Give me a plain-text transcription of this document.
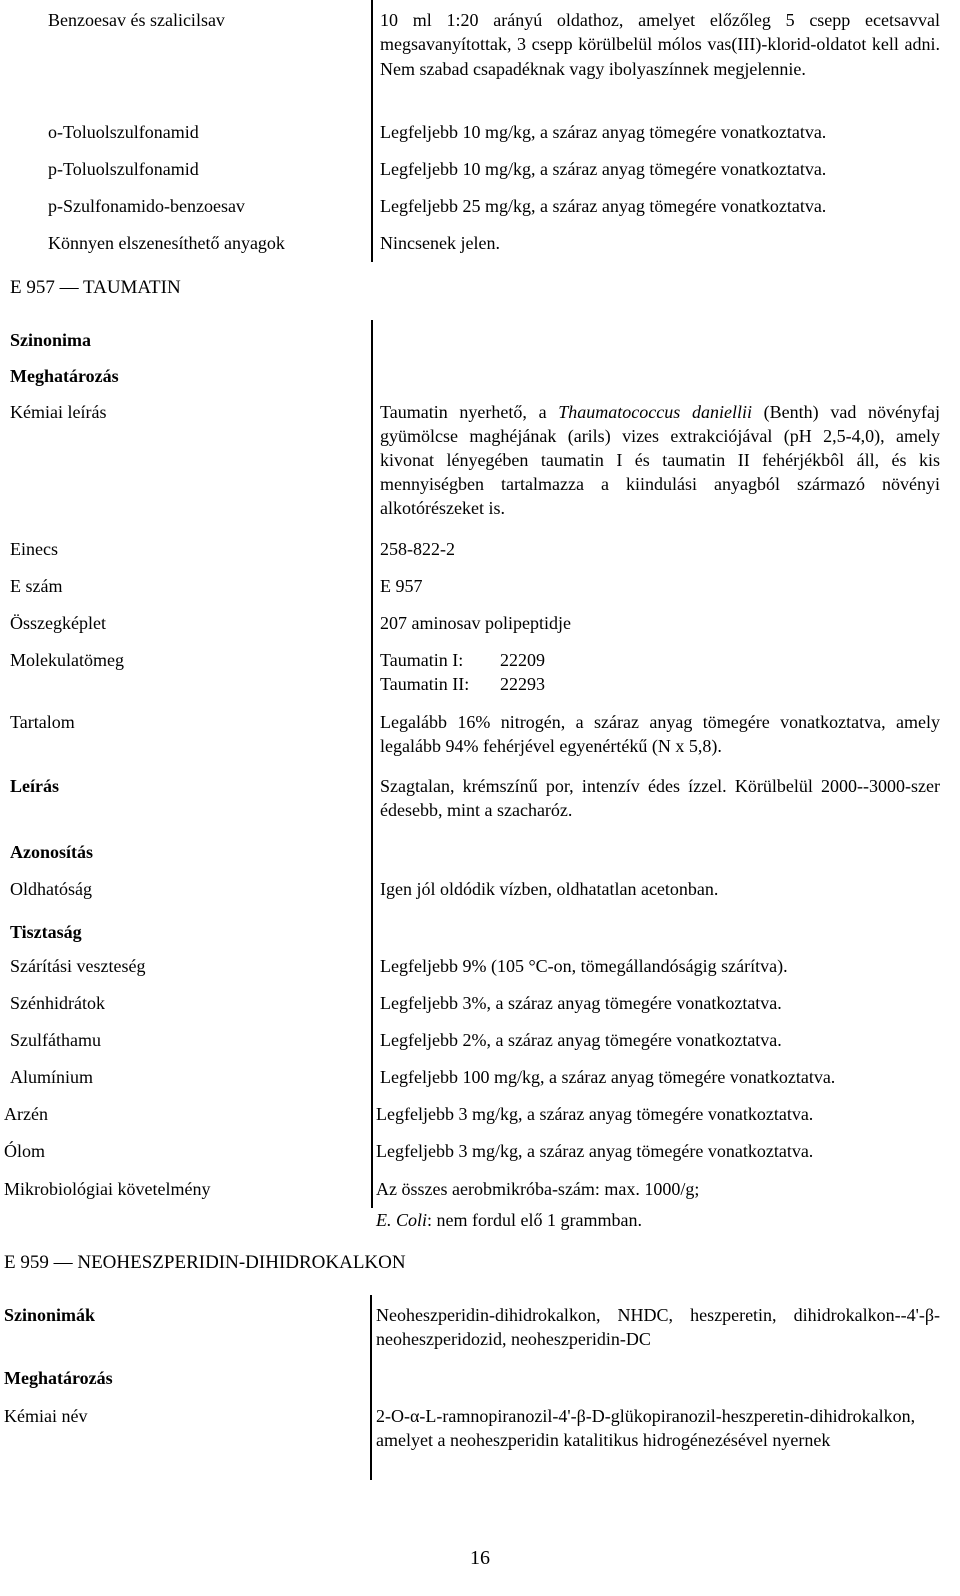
Benzoesav és szalicilsav	10 ml 1:20 arányú oldathoz, amelyet előzőleg 5 csepp ecetsavval megsavanyítottak, 3 csepp körülbelül mólos vas(III)-klorid-oldatot kell adni. Nem szabad csapadéknak vagy ibolyaszínnek megjelennie.
o-Toluolszulfonamid	Legfeljebb 10 mg/kg, a száraz anyag tömegére vonatkoztatva.
p-Toluolszulfonamid	Legfeljebb 10 mg/kg, a száraz anyag tömegére vonatkoztatva.
p-Szulfonamido-benzoesav	Legfeljebb 25 mg/kg, a száraz anyag tömegére vonatkoztatva.
Könnyen elszenesíthető anyagok	Nincsenek jelen.
E 957 — TAUMATIN
Szinonima
Meghatározás
Kémiai leírás	Taumatin nyerhető, a Thaumatococcus daniellii (Benth) vad növényfaj gyümölcse maghéjának (arils) vizes extrakciójával (pH 2,5-4,0), amely kivonat lényegében taumatin I és taumatin II fehérjékbôl áll, és kis mennyiségben tartalmazza a kiindulási anyagból származó növényi alkotórészeket is.
Einecs	258-822-2
E szám	E 957
Összegképlet	207 aminosav polipeptidje
Molekulatömeg	Taumatin I: 22209
Taumatin II: 22293
Tartalom	Legalább 16% nitrogén, a száraz anyag tömegére vonatkoztatva, amely legalább 94% fehérjével egyenértékű (N x 5,8).
Leírás	Szagtalan, krémszínű por, intenzív édes ízzel. Körülbelül 2000--3000-szer édesebb, mint a szacharóz.
Azonosítás
Oldhatóság	Igen jól oldódik vízben, oldhatatlan acetonban.
Tisztaság
Szárítási veszteség	Legfeljebb 9% (105 °C-on, tömegállandóságig szárítva).
Szénhidrátok	Legfeljebb 3%, a száraz anyag tömegére vonatkoztatva.
Szulfáthamu	Legfeljebb 2%, a száraz anyag tömegére vonatkoztatva.
Alumínium	Legfeljebb 100 mg/kg, a száraz anyag tömegére vonatkoztatva.
Arzén	Legfeljebb 3 mg/kg, a száraz anyag tömegére vonatkoztatva.
Ólom	Legfeljebb 3 mg/kg, a száraz anyag tömegére vonatkoztatva.
Mikrobiológiai követelmény	Az összes aerobmikróba-szám: max. 1000/g;
E. Coli: nem fordul elő 1 grammban.
E 959 — NEOHESZPERIDIN-DIHIDROKALKON
Szinonimák	Neoheszperidin-dihidrokalkon, NHDC, heszperetin, dihidrokalkon--4'-β-neoheszperidozid, neoheszperidin-DC
Meghatározás
Kémiai név	2-O-α-L-ramnopiranozil-4'-β-D-glükopiranozil-heszperetin-dihidrokalkon, amelyet a neoheszperidin katalitikus hidrogénezésével nyernek
16
